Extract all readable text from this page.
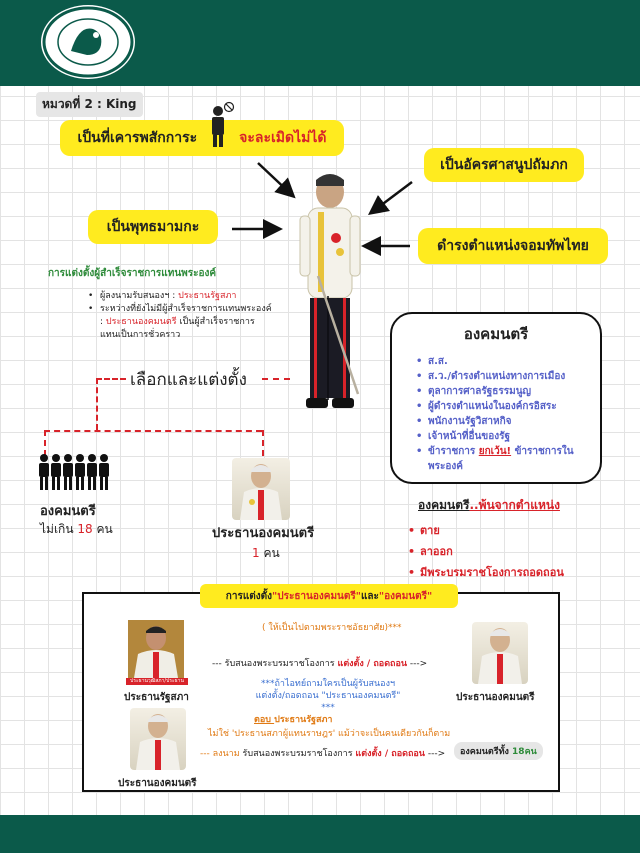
หมวดที่ 2 : King
เป็นที่เคารพสักการะ	จะละเมิดไม่ได้
เป็นอัครศาสนูปถัมภก
เป็นพุทธมามกะ
ดำรงตำแหน่งจอมทัพไทย
การแต่งตั้งผู้สำเร็จราชการแทนพระองค์
• ผู้ลงนามรับสนองฯ : ประธานรัฐสภา
• ระหว่างที่ยังไม่มีผู้สำเร็จราชการแทนพระองค์ : ประธานองคมนตรี เป็นผู้สำเร็จราชการแทนเป็นการชั่วคราว
เลือกและแต่งตั้ง
องคมนตรี
ไม่เกิน 18 คน	ประธานองคมนตรี
1 คน
องคมนตรี
• ส.ส.
• ส.ว./ดำรงตำแหน่งทางการเมือง
• ตุลาการศาลรัฐธรรมนูญ
• ผู้ดำรงตำแหน่งในองค์กรอิสระ
• พนักงานรัฐวิสาหกิจ
• เจ้าหน้าที่อื่นของรัฐ
• ข้าราชการ ยกเว้น! ข้าราชการในพระองค์
องคมนตรี..พ้นจากตำแหน่ง
• ตาย
• ลาออก
• มีพระบรมราชโองการถอดถอน
การแต่งตั้ง "ประธานองคมนตรี" และ "องคมนตรี"
( ให้เป็นไปตามพระราชอัธยาศัย)***
ประธานวุฒิสภา/ประธานรัฐสภา
ประธานรัฐสภา
--- รับสนองพระบรมราชโองการ แต่งตั้ง / ถอดถอน --->
ประธานองคมนตรี
***ถ้าไอทย์ถามใครเป็นผู้รับสนองฯ
แต่งตั้ง/ถอดถอน "ประธานองคมนตรี" ***
ตอบ ประธานรัฐสภา
ไม่ใช่ 'ประธานสภาผู้แทนราษฎร' แม้ว่าจะเป็นคนเดียวกันก็ตาม
ประธานองคมนตรี
--- ลงนาม รับสนองพระบรมราชโองการ แต่งตั้ง / ถอดถอน --->	องคมนตรีทั้ง 18คน
